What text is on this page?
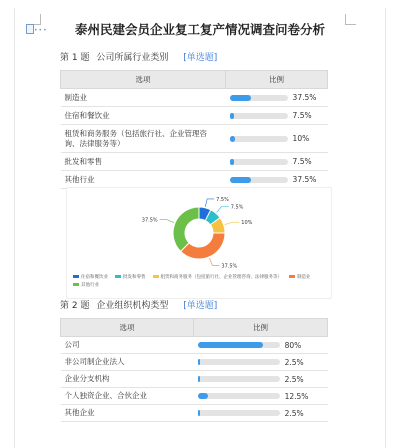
•••	泰州民建会员企业复工复产情况调查问卷分析
第 1 题 公司所属行业类别 [单选题]
选项	比例
制造业	37.5%
住宿和餐饮业	7.5%
租赁和商务服务（包括旅行社、企业管理咨询、法律服务等）	10%
批发和零售	7.5%
其他行业	37.5%
7.5%
7.5%
10%
37.5%
37.5%
住宿和餐饮业	批发和零售	租赁和商务服务（包括旅行社、企业管理咨询、法律服务等）	制造业其他行业
第 2 题 企业组织机构类型 [单选题]
选项	比例
公司	80%
非公司制企业法人	2.5%
企业分支机构	2.5%
个人独资企业、合伙企业	12.5%
其他企业	2.5%
